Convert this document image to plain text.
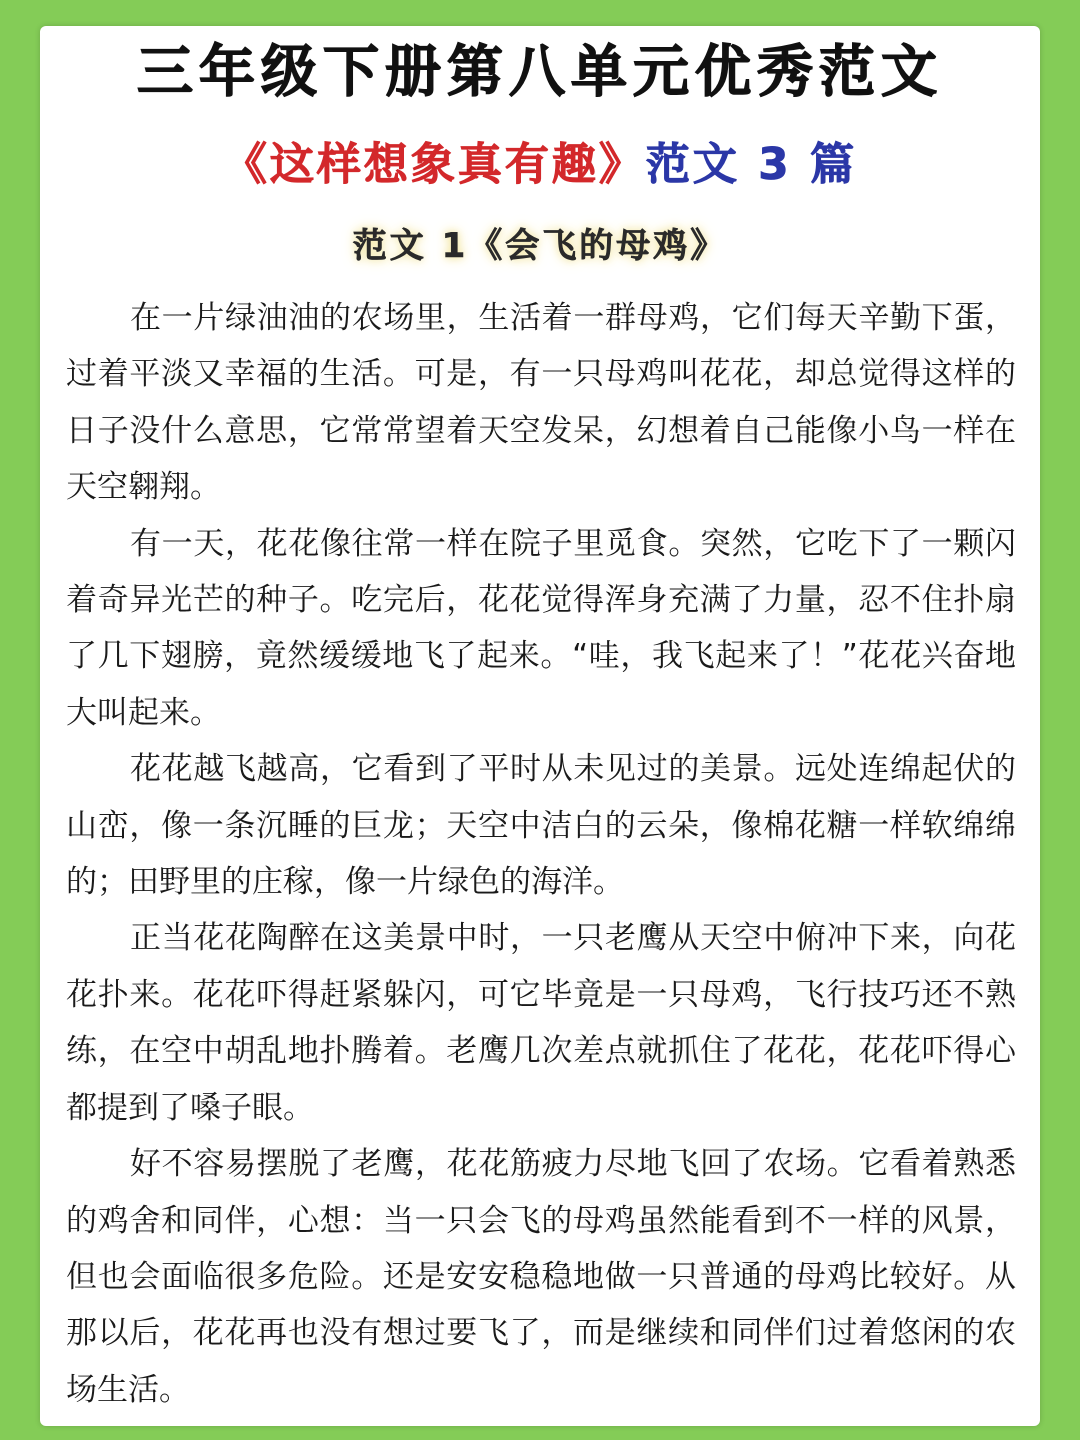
三年级下册第八单元优秀范文
《这样想象真有趣》范文 3 篇
范文 1《会飞的母鸡》

在一片绿油油的农场里，生活着一群母鸡，它们每天辛勤下蛋，过着平淡又幸福的生活。可是，有一只母鸡叫花花，却总觉得这样的日子没什么意思，它常常望着天空发呆，幻想着自己能像小鸟一样在天空翱翔。

有一天，花花像往常一样在院子里觅食。突然，它吃下了一颗闪着奇异光芒的种子。吃完后，花花觉得浑身充满了力量，忍不住扑扇了几下翅膀，竟然缓缓地飞了起来。“哇，我飞起来了！”花花兴奋地大叫起来。

花花越飞越高，它看到了平时从未见过的美景。远处连绵起伏的山峦，像一条沉睡的巨龙；天空中洁白的云朵，像棉花糖一样软绵绵的；田野里的庄稼，像一片绿色的海洋。

正当花花陶醉在这美景中时，一只老鹰从天空中俯冲下来，向花花扑来。花花吓得赶紧躲闪，可它毕竟是一只母鸡，飞行技巧还不熟练，在空中胡乱地扑腾着。老鹰几次差点就抓住了花花，花花吓得心都提到了嗓子眼。

好不容易摆脱了老鹰，花花筋疲力尽地飞回了农场。它看着熟悉的鸡舍和同伴，心想：当一只会飞的母鸡虽然能看到不一样的风景，但也会面临很多危险。还是安安稳稳地做一只普通的母鸡比较好。从那以后，花花再也没有想过要飞了，而是继续和同伴们过着悠闲的农场生活。
